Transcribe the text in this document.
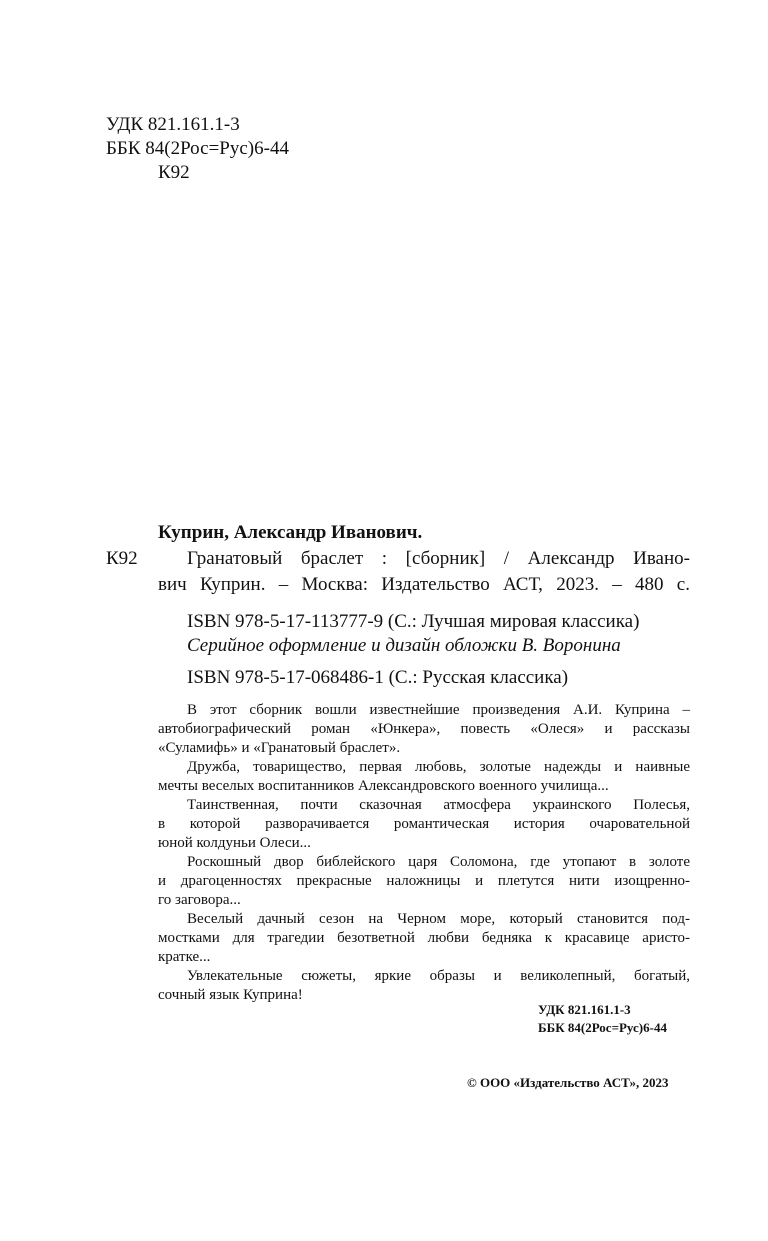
УДК 821.161.1-3
ББК 84(2Рос=Рус)6-44
К92
Куприн, Александр Иванович.
К92	Гранатовый браслет : [сборник] / Александр Ивано-
вич Куприн. – Москва: Издательство АСТ, 2023. – 480 с.
ISBN 978-5-17-113777-9 (С.: Лучшая мировая классика)
Серийное оформление и дизайн обложки В. Воронина
ISBN 978-5-17-068486-1 (С.: Русская классика)
В этот сборник вошли известнейшие произведения А.И. Куприна –
автобиографический роман «Юнкера», повесть «Олеся» и рассказы
«Суламифь» и «Гранатовый браслет».
Дружба, товарищество, первая любовь, золотые надежды и наивные
мечты веселых воспитанников Александровского военного училища...
Таинственная, почти сказочная атмосфера украинского Полесья,
в которой разворачивается романтическая история очаровательной
юной колдуньи Олеси...
Роскошный двор библейского царя Соломона, где утопают в золоте
и драгоценностях прекрасные наложницы и плетутся нити изощренно-
го заговора...
Веселый дачный сезон на Черном море, который становится под-
мостками для трагедии безответной любви бедняка к красавице аристо-
кратке...
Увлекательные сюжеты, яркие образы и великолепный, богатый,
сочный язык Куприна!
УДК 821.161.1-3
ББК 84(2Рос=Рус)6-44
© ООО «Издательство АСТ», 2023
